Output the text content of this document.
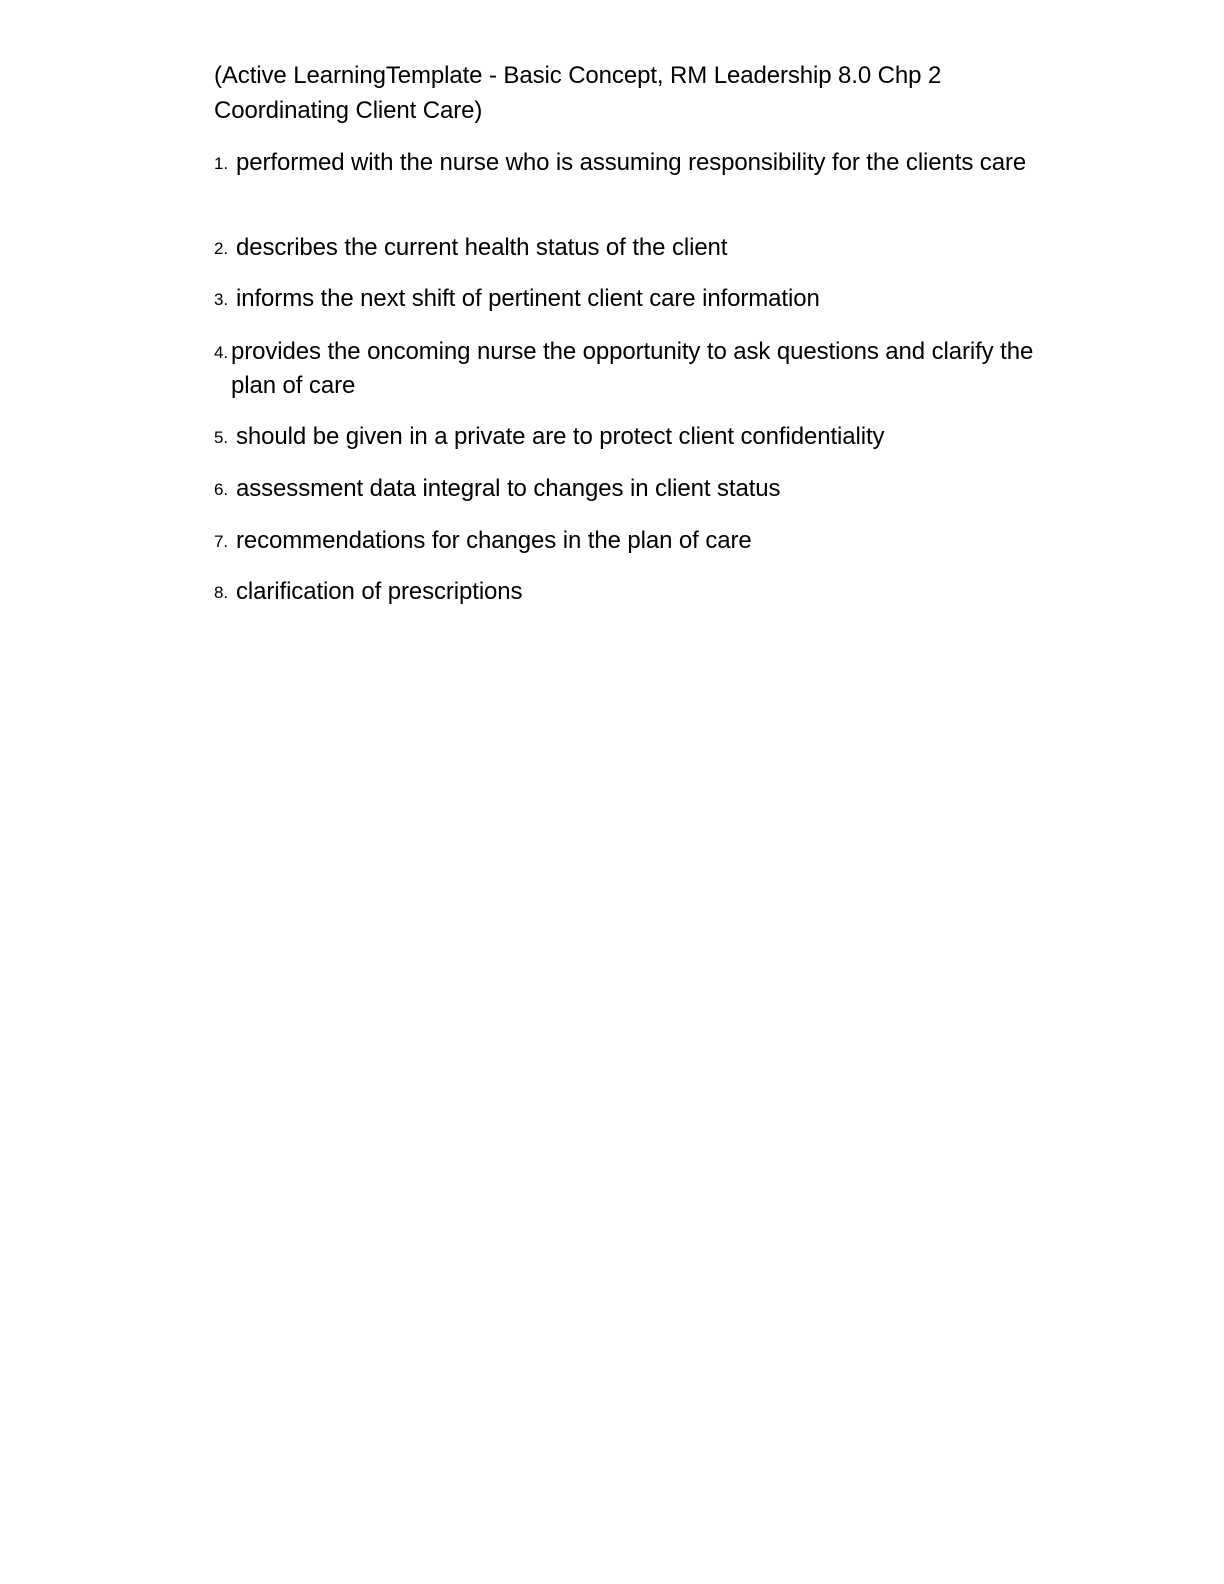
(Active LearningTemplate - Basic Concept, RM Leadership 8.0 Chp 2 Coordinating Client Care)
1. performed with the nurse who is assuming responsibility for the clients care
2. describes the current health status of the client
3. informs the next shift of pertinent client care information
4. provides the oncoming nurse the opportunity to ask questions and clarify the plan of care
5. should be given in a private are to protect client confidentiality
6. assessment data integral to changes in client status
7. recommendations for changes in the plan of care
8. clarification of prescriptions
